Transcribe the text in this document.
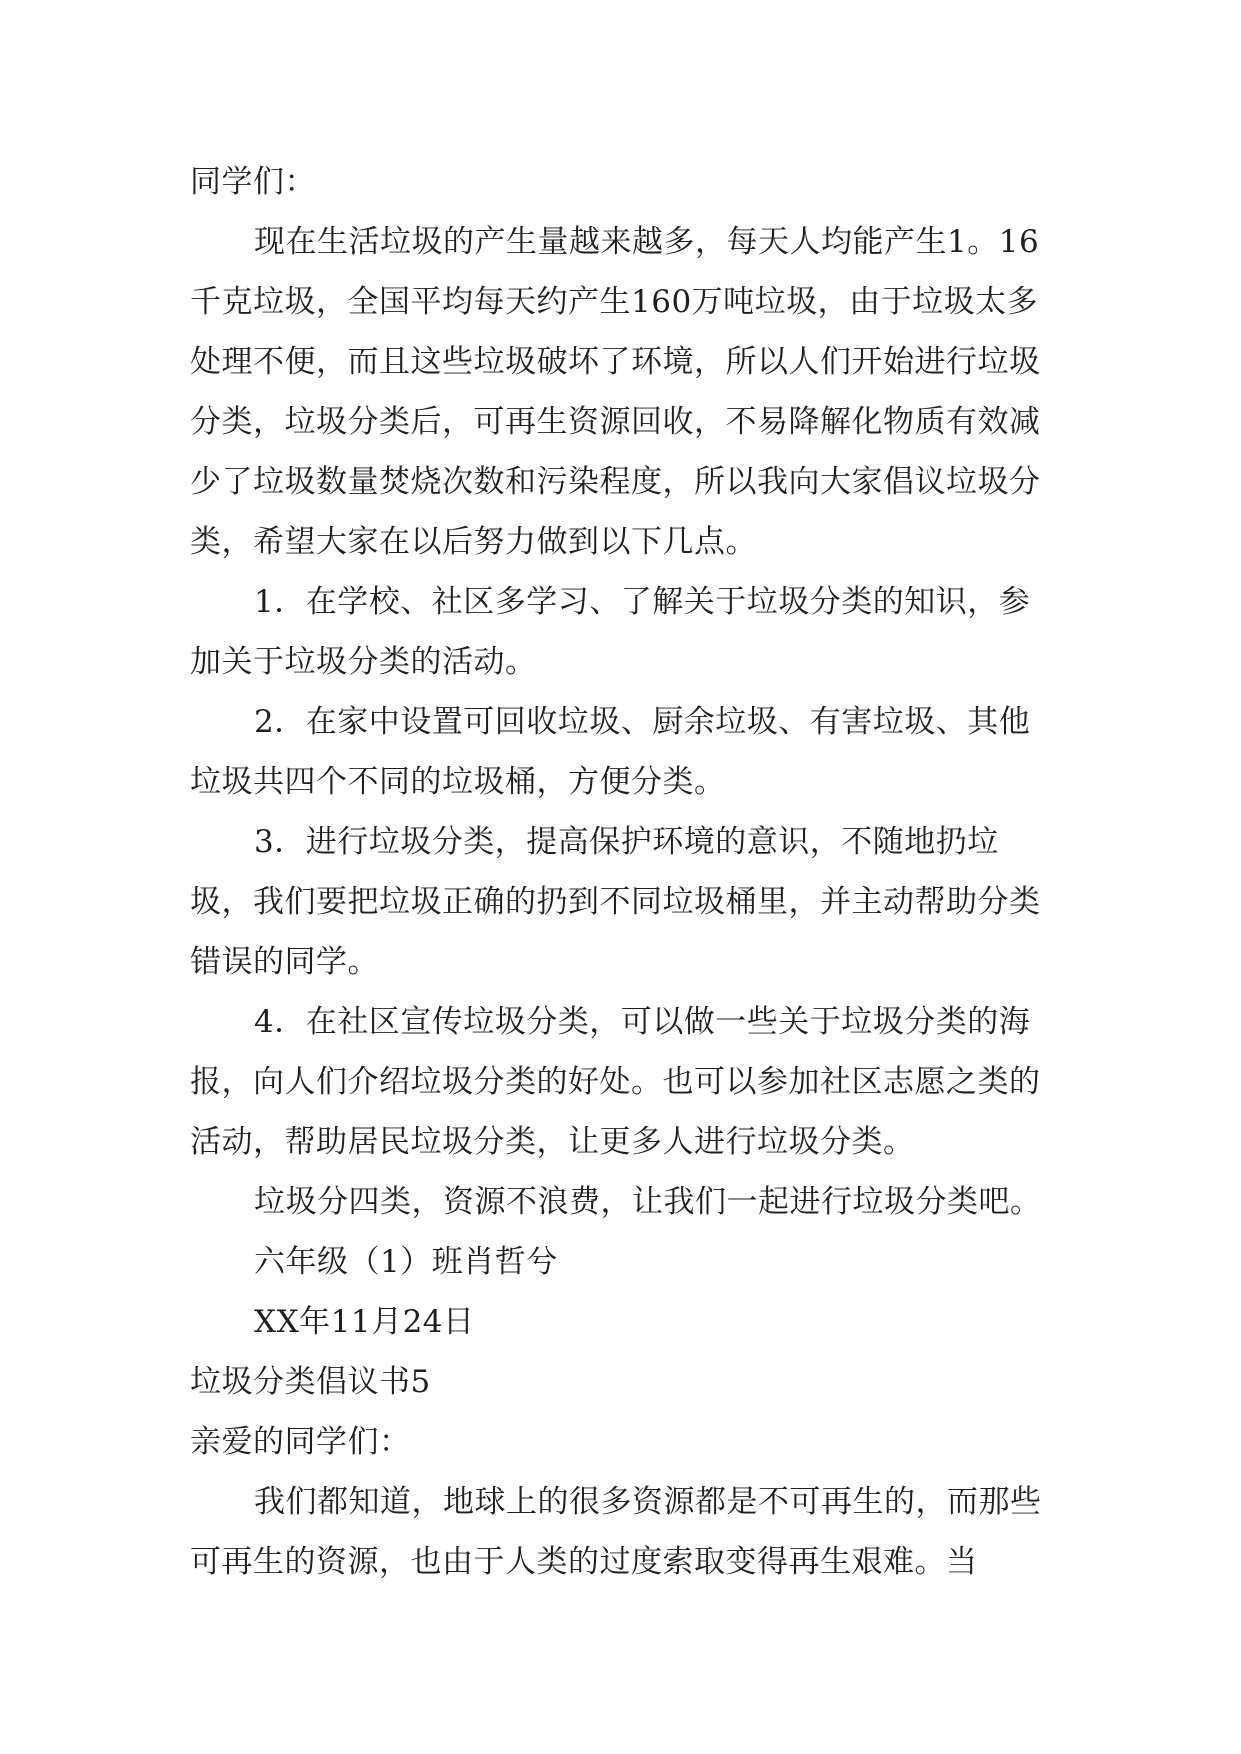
同学们：

现在生活垃圾的产生量越来越多，每天人均能产生1。16千克垃圾，全国平均每天约产生160万吨垃圾，由于垃圾太多处理不便，而且这些垃圾破坏了环境，所以人们开始进行垃圾分类，垃圾分类后，可再生资源回收，不易降解化物质有效减少了垃圾数量焚烧次数和污染程度，所以我向大家倡议垃圾分类，希望大家在以后努力做到以下几点。

1．在学校、社区多学习、了解关于垃圾分类的知识，参加关于垃圾分类的活动。

2．在家中设置可回收垃圾、厨余垃圾、有害垃圾、其他垃圾共四个不同的垃圾桶，方便分类。

3．进行垃圾分类，提高保护环境的意识，不随地扔垃圾，我们要把垃圾正确的扔到不同垃圾桶里，并主动帮助分类错误的同学。

4．在社区宣传垃圾分类，可以做一些关于垃圾分类的海报，向人们介绍垃圾分类的好处。也可以参加社区志愿之类的活动，帮助居民垃圾分类，让更多人进行垃圾分类。

垃圾分四类，资源不浪费，让我们一起进行垃圾分类吧。

六年级（1）班肖哲兮

XX年11月24日

垃圾分类倡议书5

亲爱的同学们：

我们都知道，地球上的很多资源都是不可再生的，而那些可再生的资源，也由于人类的过度索取变得再生艰难。当
